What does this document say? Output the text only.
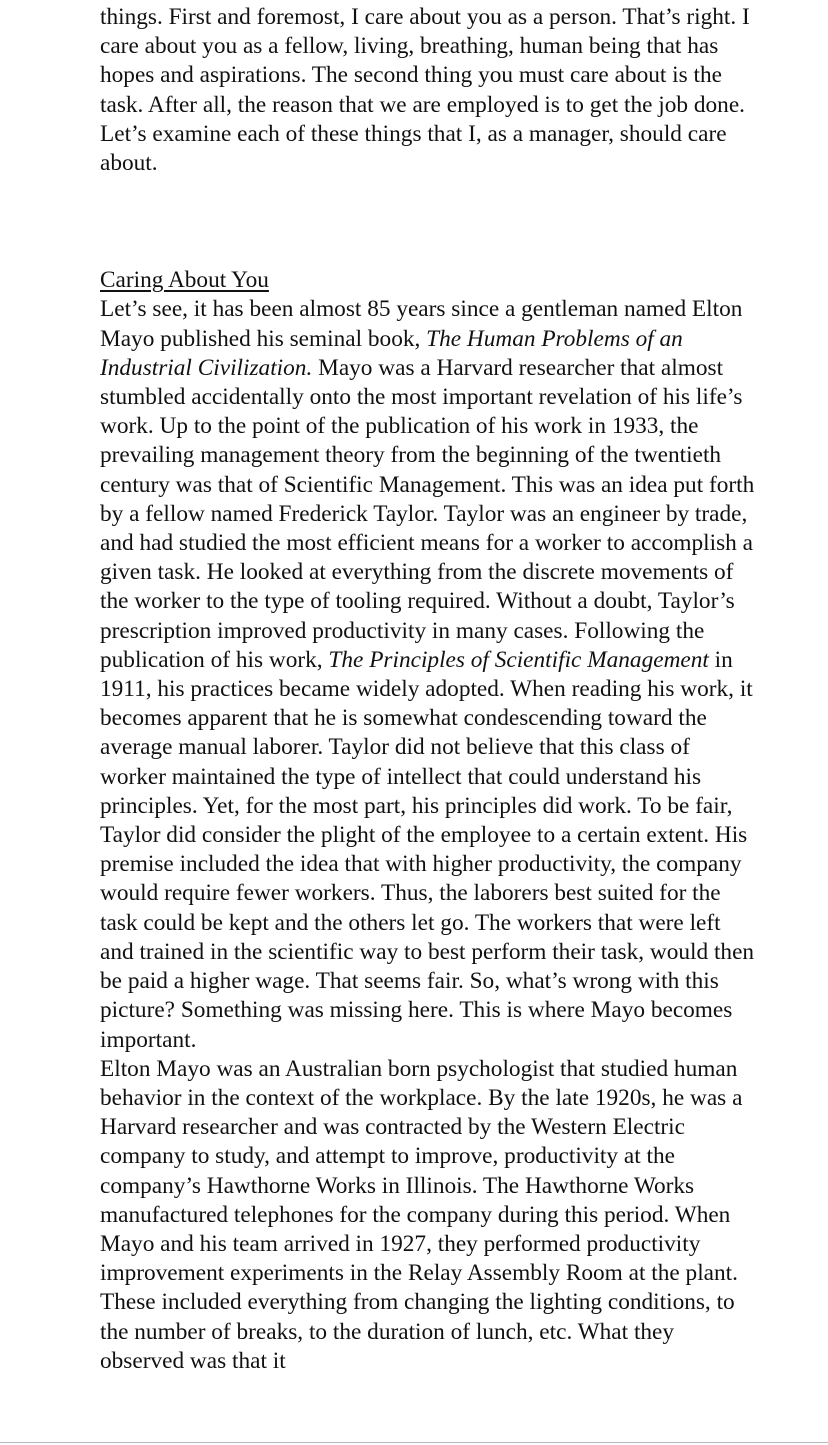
things. First and foremost, I care about you as a person. That’s right. I care about you as a fellow, living, breathing, human being that has hopes and aspirations. The second thing you must care about is the task. After all, the reason that we are employed is to get the job done. Let’s examine each of these things that I, as a manager, should care about.

Caring About You

Let’s see, it has been almost 85 years since a gentleman named Elton Mayo published his seminal book, The Human Problems of an Industrial Civilization. Mayo was a Harvard researcher that almost stumbled accidentally onto the most important revelation of his life’s work. Up to the point of the publication of his work in 1933, the prevailing management theory from the beginning of the twentieth century was that of Scientific Management. This was an idea put forth by a fellow named Frederick Taylor. Taylor was an engineer by trade, and had studied the most efficient means for a worker to accomplish a given task. He looked at everything from the discrete movements of the worker to the type of tooling required. Without a doubt, Taylor’s prescription improved productivity in many cases. Following the publication of his work, The Principles of Scientific Management in 1911, his practices became widely adopted. When reading his work, it becomes apparent that he is somewhat condescending toward the average manual laborer. Taylor did not believe that this class of worker maintained the type of intellect that could understand his principles. Yet, for the most part, his principles did work. To be fair, Taylor did consider the plight of the employee to a certain extent. His premise included the idea that with higher productivity, the company would require fewer workers. Thus, the laborers best suited for the task could be kept and the others let go. The workers that were left and trained in the scientific way to best perform their task, would then be paid a higher wage. That seems fair. So, what’s wrong with this picture? Something was missing here. This is where Mayo becomes important.

Elton Mayo was an Australian born psychologist that studied human behavior in the context of the workplace. By the late 1920s, he was a Harvard researcher and was contracted by the Western Electric company to study, and attempt to improve, productivity at the company’s Hawthorne Works in Illinois. The Hawthorne Works manufactured telephones for the company during this period. When Mayo and his team arrived in 1927, they performed productivity improvement experiments in the Relay Assembly Room at the plant. These included everything from changing the lighting conditions, to the number of breaks, to the duration of lunch, etc. What they observed was that it
